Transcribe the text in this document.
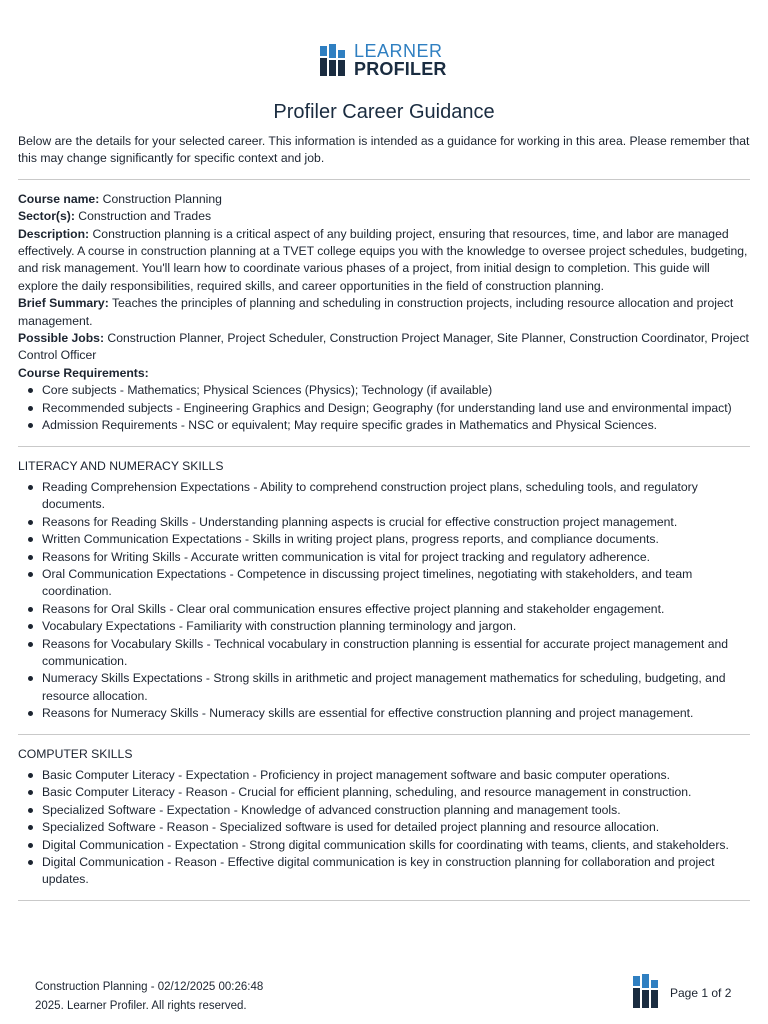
LEARNER
PROFILER
Profiler Career Guidance

Below are the details for your selected career. This information is intended as a guidance for working in this area. Please remember that this may change significantly for specific context and job.

Course name: Construction Planning

Sector(s): Construction and Trades

Description: Construction planning is a critical aspect of any building project, ensuring that resources, time, and labor are managed effectively. A course in construction planning at a TVET college equips you with the knowledge to oversee project schedules, budgeting, and risk management. You'll learn how to coordinate various phases of a project, from initial design to completion. This guide will explore the daily responsibilities, required skills, and career opportunities in the field of construction planning.

Brief Summary: Teaches the principles of planning and scheduling in construction projects, including resource allocation and project management.

Possible Jobs: Construction Planner, Project Scheduler, Construction Project Manager, Site Planner, Construction Coordinator, Project Control Officer

Course Requirements:

Core subjects - Mathematics; Physical Sciences (Physics); Technology (if available)
Recommended subjects - Engineering Graphics and Design; Geography (for understanding land use and environmental impact)
Admission Requirements - NSC or equivalent; May require specific grades in Mathematics and Physical Sciences.

LITERACY AND NUMERACY SKILLS

Reading Comprehension Expectations - Ability to comprehend construction project plans, scheduling tools, and regulatory documents.
Reasons for Reading Skills - Understanding planning aspects is crucial for effective construction project management.
Written Communication Expectations - Skills in writing project plans, progress reports, and compliance documents.
Reasons for Writing Skills - Accurate written communication is vital for project tracking and regulatory adherence.
Oral Communication Expectations - Competence in discussing project timelines, negotiating with stakeholders, and team coordination.
Reasons for Oral Skills - Clear oral communication ensures effective project planning and stakeholder engagement.
Vocabulary Expectations - Familiarity with construction planning terminology and jargon.
Reasons for Vocabulary Skills - Technical vocabulary in construction planning is essential for accurate project management and communication.
Numeracy Skills Expectations - Strong skills in arithmetic and project management mathematics for scheduling, budgeting, and resource allocation.
Reasons for Numeracy Skills - Numeracy skills are essential for effective construction planning and project management.

COMPUTER SKILLS

Basic Computer Literacy - Expectation - Proficiency in project management software and basic computer operations.
Basic Computer Literacy - Reason - Crucial for efficient planning, scheduling, and resource management in construction.
Specialized Software - Expectation - Knowledge of advanced construction planning and management tools.
Specialized Software - Reason - Specialized software is used for detailed project planning and resource allocation.
Digital Communication - Expectation - Strong digital communication skills for coordinating with teams, clients, and stakeholders.
Digital Communication - Reason - Effective digital communication is key in construction planning for collaboration and project updates.
Construction Planning - 02/12/2025 00:26:48
2025. Learner Profiler. All rights reserved.
Page 1 of 2
